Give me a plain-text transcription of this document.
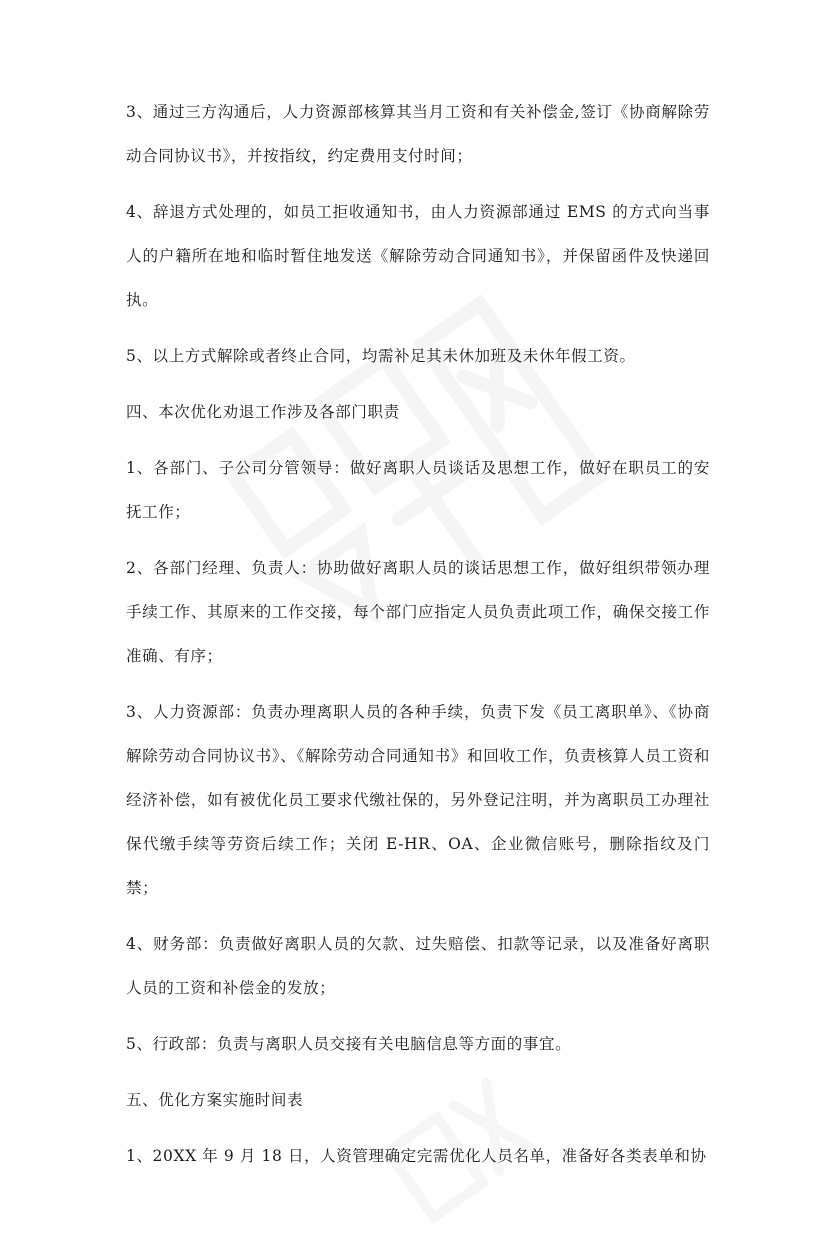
3、通过三方沟通后，人力资源部核算其当月工资和有关补偿金,签订《协商解除劳动合同协议书》，并按指纹，约定费用支付时间；

4、辞退方式处理的，如员工拒收通知书，由人力资源部通过 EMS 的方式向当事人的户籍所在地和临时暂住地发送《解除劳动合同通知书》，并保留函件及快递回执。

5、以上方式解除或者终止合同，均需补足其未休加班及未休年假工资。

四、本次优化劝退工作涉及各部门职责

1、各部门、子公司分管领导：做好离职人员谈话及思想工作，做好在职员工的安抚工作；

2、各部门经理、负责人：协助做好离职人员的谈话思想工作，做好组织带领办理手续工作、其原来的工作交接，每个部门应指定人员负责此项工作，确保交接工作准确、有序；

3、人力资源部：负责办理离职人员的各种手续，负责下发《员工离职单》、《协商解除劳动合同协议书》、《解除劳动合同通知书》和回收工作，负责核算人员工资和经济补偿，如有被优化员工要求代缴社保的，另外登记注明，并为离职员工办理社保代缴手续等劳资后续工作；关闭 E-HR、OA、企业微信账号，删除指纹及门禁；

4、财务部：负责做好离职人员的欠款、过失赔偿、扣款等记录，以及准备好离职人员的工资和补偿金的发放；

5、行政部：负责与离职人员交接有关电脑信息等方面的事宜。

五、优化方案实施时间表

1、20XX 年 9 月 18 日，人资管理确定完需优化人员名单，准备好各类表单和协
